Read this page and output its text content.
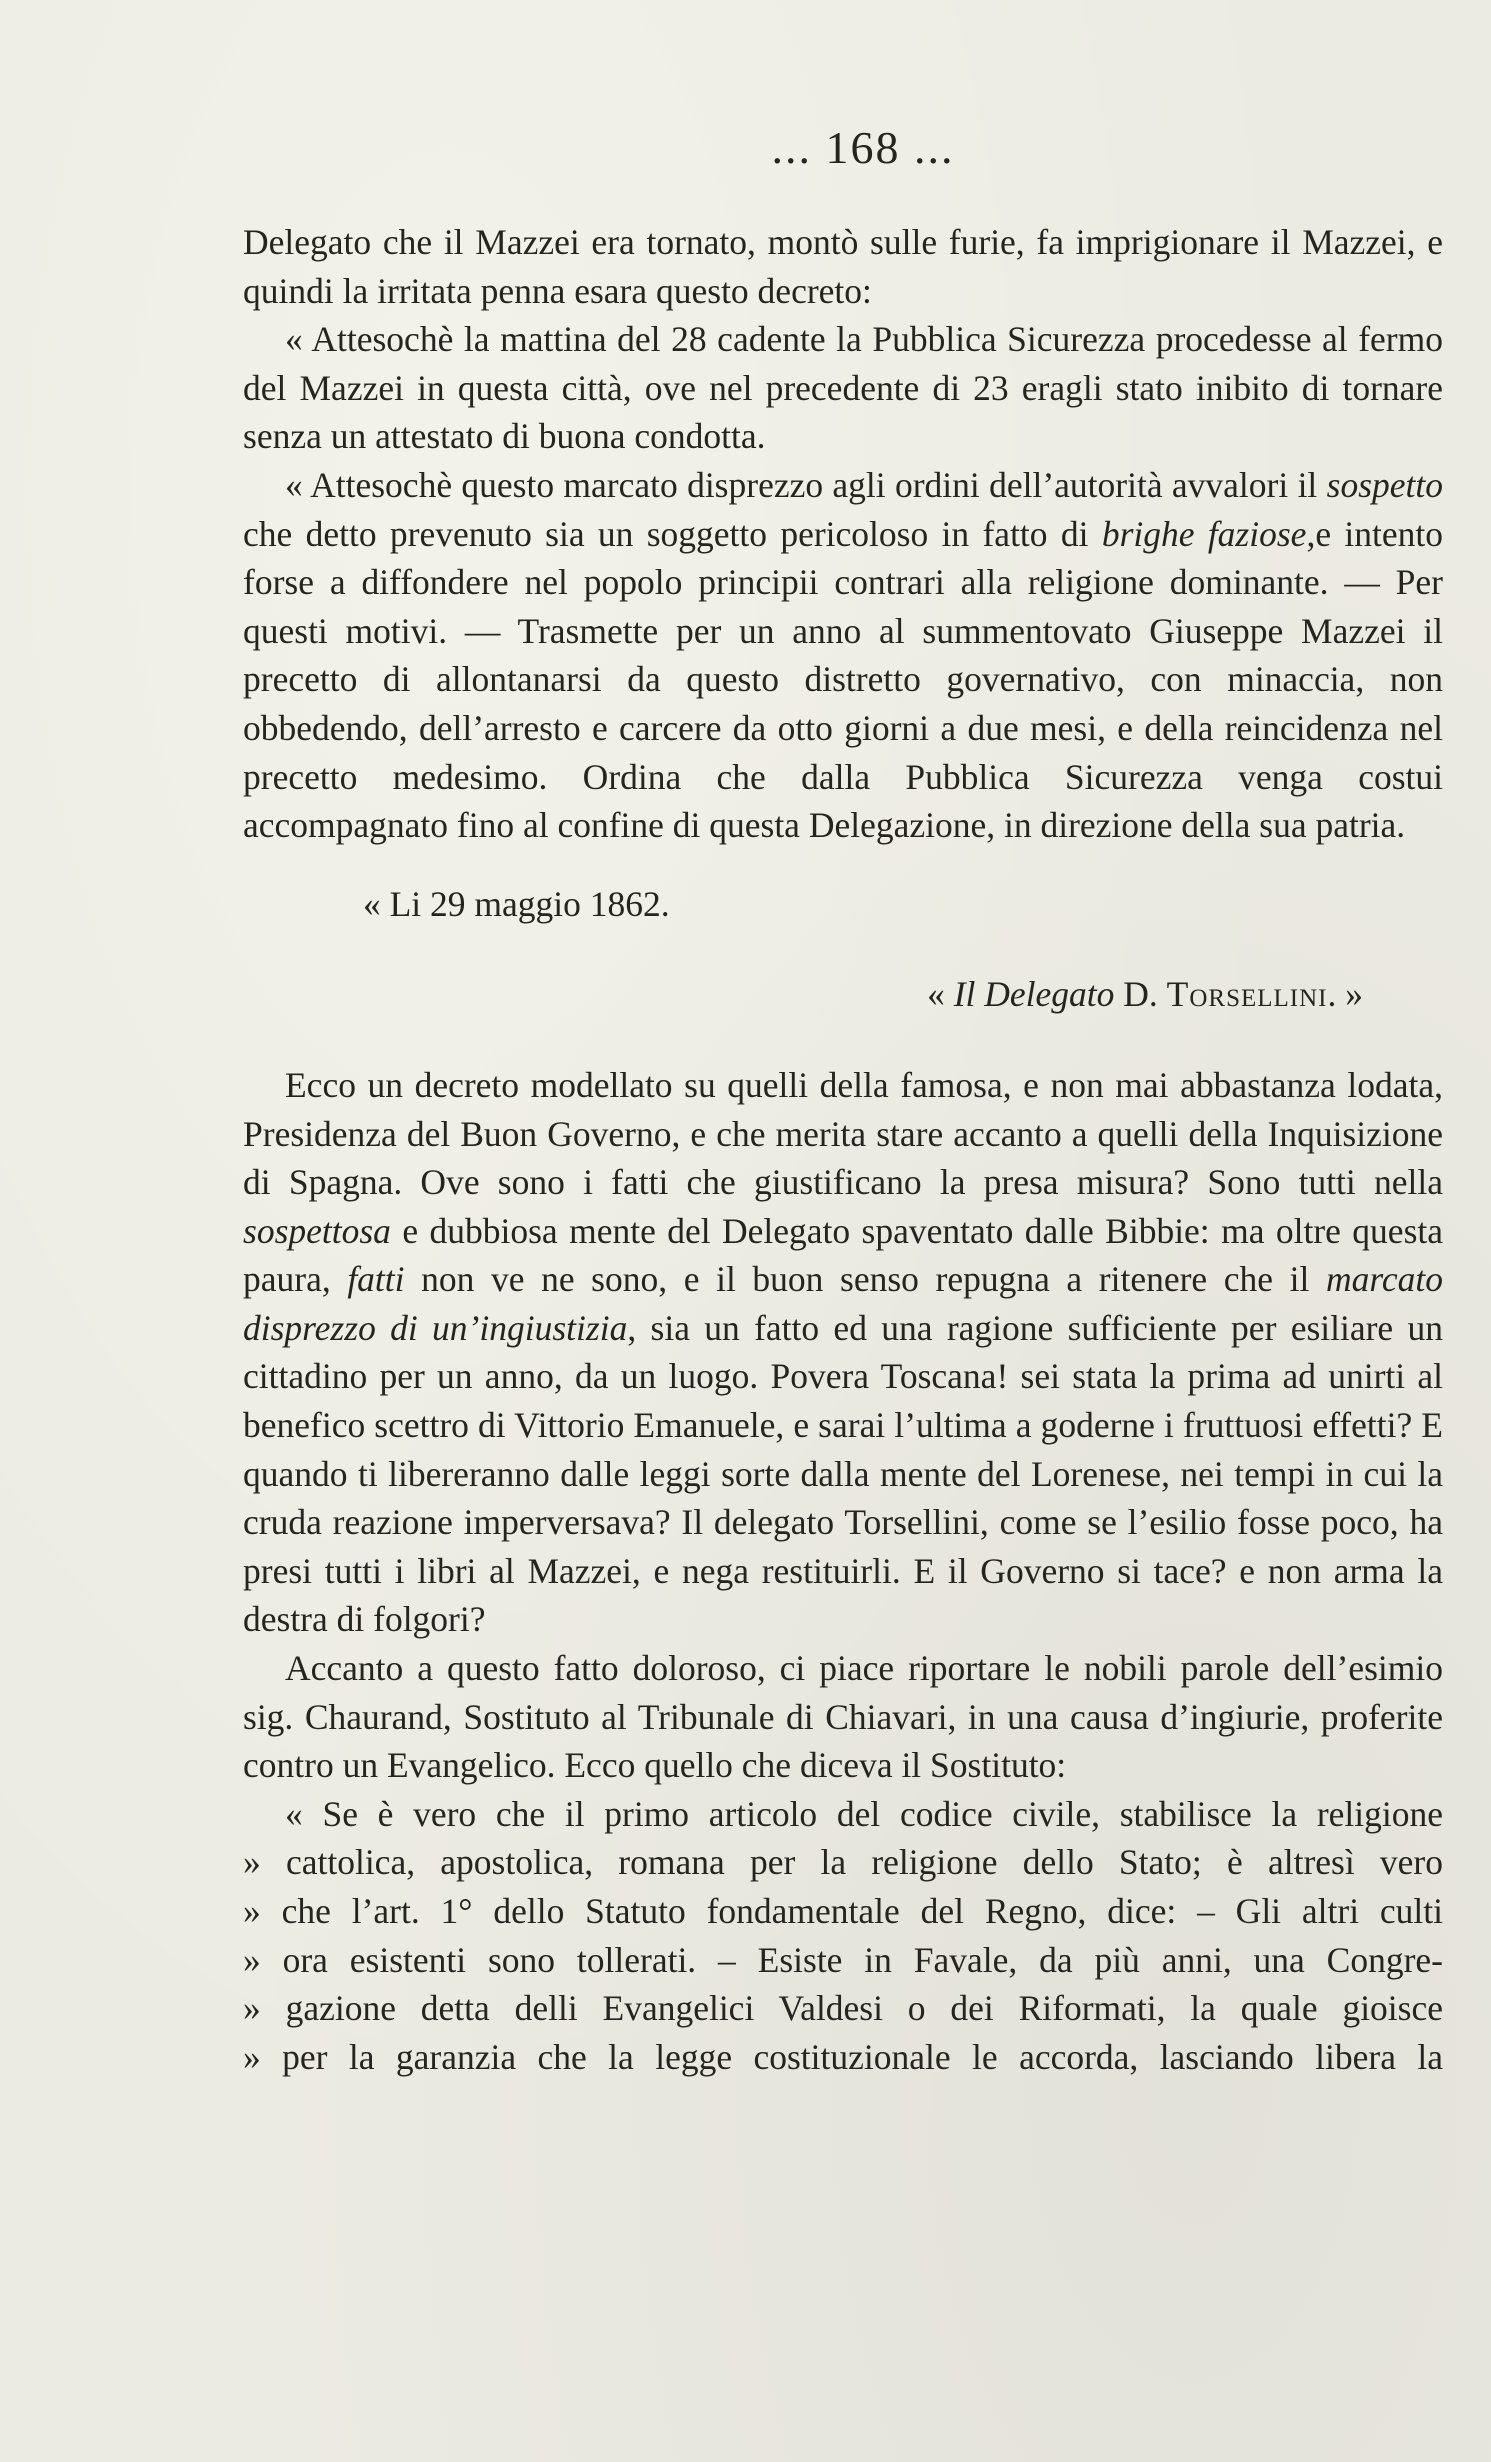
... 168 ...

Delegato che il Mazzei era tornato, montò sulle furie, fa imprigionare il Mazzei, e quindi la irritata penna esara questo decreto:

« Attesochè la mattina del 28 cadente la Pubblica Sicurezza procedesse al fermo del Mazzei in questa città, ove nel precedente di 23 eragli stato inibito di tornare senza un attestato di buona condotta.

« Attesochè questo marcato disprezzo agli ordini dell’autorità avvalori il sospetto che detto prevenuto sia un soggetto pericoloso in fatto di brighe faziose,e intento forse a diffondere nel popolo principii contrari alla religione dominante. — Per questi motivi. — Trasmette per un anno al summentovato Giuseppe Mazzei il precetto di allontanarsi da questo distretto governativo, con minaccia, non obbedendo, dell’arresto e carcere da otto giorni a due mesi, e della reincidenza nel precetto medesimo. Ordina che dalla Pubblica Sicurezza venga costui accompagnato fino al confine di questa Delegazione, in direzione della sua patria.

« Li 29 maggio 1862.
« Il Delegato D. Torsellini. »

Ecco un decreto modellato su quelli della famosa, e non mai abbastanza lodata, Presidenza del Buon Governo, e che merita stare accanto a quelli della Inquisizione di Spagna. Ove sono i fatti che giustificano la presa misura? Sono tutti nella sospettosa e dubbiosa mente del Delegato spaventato dalle Bibbie: ma oltre questa paura, fatti non ve ne sono, e il buon senso repugna a ritenere che il marcato disprezzo di un’ingiustizia, sia un fatto ed una ragione sufficiente per esiliare un cittadino per un anno, da un luogo. Povera Toscana! sei stata la prima ad unirti al benefico scettro di Vittorio Emanuele, e sarai l’ultima a goderne i fruttuosi effetti? E quando ti libereranno dalle leggi sorte dalla mente del Lorenese, nei tempi in cui la cruda reazione imperversava? Il delegato Torsellini, come se l’esilio fosse poco, ha presi tutti i libri al Mazzei, e nega restituirli. E il Governo si tace? e non arma la destra di folgori?

Accanto a questo fatto doloroso, ci piace riportare le nobili parole dell’esimio sig. Chaurand, Sostituto al Tribunale di Chiavari, in una causa d’ingiurie, proferite contro un Evangelico. Ecco quello che diceva il Sostituto:

« Se è vero che il primo articolo del codice civile, stabilisce la religione
» cattolica, apostolica, romana per la religione dello Stato; è altresì vero
» che l’art. 1° dello Statuto fondamentale del Regno, dice: – Gli altri culti
» ora esistenti sono tollerati. – Esiste in Favale, da più anni, una Congre-
» gazione detta delli Evangelici Valdesi o dei Riformati, la quale gioisce
» per la garanzia che la legge costituzionale le accorda, lasciando libera la
